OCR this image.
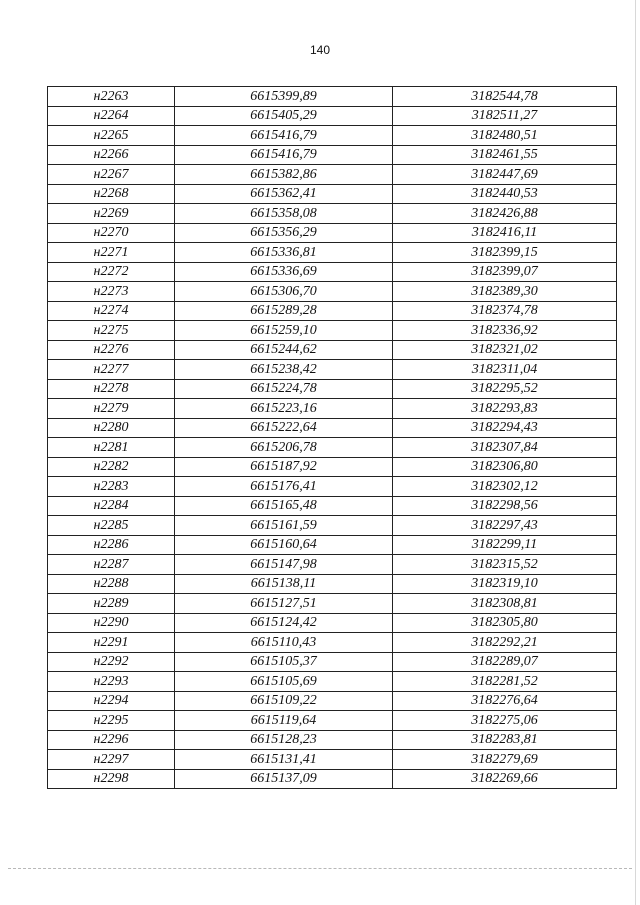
140
н2263	6615399,89	3182544,78
н2264	6615405,29	3182511,27
н2265	6615416,79	3182480,51
н2266	6615416,79	3182461,55
н2267	6615382,86	3182447,69
н2268	6615362,41	3182440,53
н2269	6615358,08	3182426,88
н2270	6615356,29	3182416,11
н2271	6615336,81	3182399,15
н2272	6615336,69	3182399,07
н2273	6615306,70	3182389,30
н2274	6615289,28	3182374,78
н2275	6615259,10	3182336,92
н2276	6615244,62	3182321,02
н2277	6615238,42	3182311,04
н2278	6615224,78	3182295,52
н2279	6615223,16	3182293,83
н2280	6615222,64	3182294,43
н2281	6615206,78	3182307,84
н2282	6615187,92	3182306,80
н2283	6615176,41	3182302,12
н2284	6615165,48	3182298,56
н2285	6615161,59	3182297,43
н2286	6615160,64	3182299,11
н2287	6615147,98	3182315,52
н2288	6615138,11	3182319,10
н2289	6615127,51	3182308,81
н2290	6615124,42	3182305,80
н2291	6615110,43	3182292,21
н2292	6615105,37	3182289,07
н2293	6615105,69	3182281,52
н2294	6615109,22	3182276,64
н2295	6615119,64	3182275,06
н2296	6615128,23	3182283,81
н2297	6615131,41	3182279,69
н2298	6615137,09	3182269,66
